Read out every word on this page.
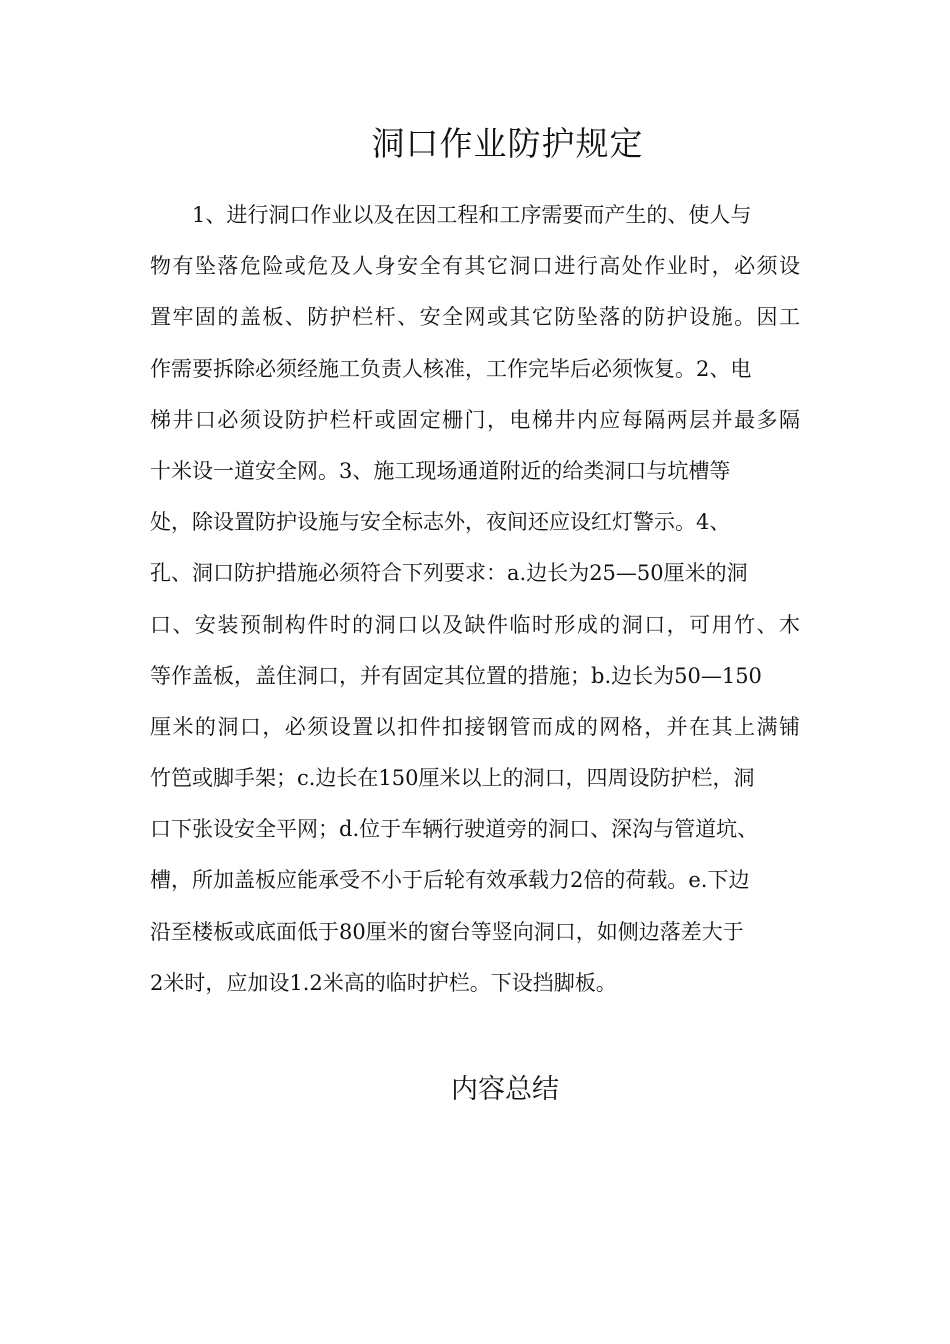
洞口作业防护规定
1、进行洞口作业以及在因工程和工序需要而产生的、使人与
物有坠落危险或危及人身安全有其它洞口进行高处作业时，必须设
置牢固的盖板、防护栏杆、安全网或其它防坠落的防护设施。因工
作需要拆除必须经施工负责人核准，工作完毕后必须恢复。2、电
梯井口必须设防护栏杆或固定栅门，电梯井内应每隔两层并最多隔
十米设一道安全网。3、施工现场通道附近的给类洞口与坑槽等
处，除设置防护设施与安全标志外，夜间还应设红灯警示。4、
孔、洞口防护措施必须符合下列要求：a.边长为25—50厘米的洞
口、安装预制构件时的洞口以及缺件临时形成的洞口，可用竹、木
等作盖板，盖住洞口，并有固定其位置的措施；b.边长为50—150
厘米的洞口，必须设置以扣件扣接钢管而成的网格，并在其上满铺
竹笆或脚手架；c.边长在150厘米以上的洞口，四周设防护栏，洞
口下张设安全平网；d.位于车辆行驶道旁的洞口、深沟与管道坑、
槽，所加盖板应能承受不小于后轮有效承载力2倍的荷载。e.下边
沿至楼板或底面低于80厘米的窗台等竖向洞口，如侧边落差大于
2米时，应加设1.2米高的临时护栏。下设挡脚板。
内容总结
